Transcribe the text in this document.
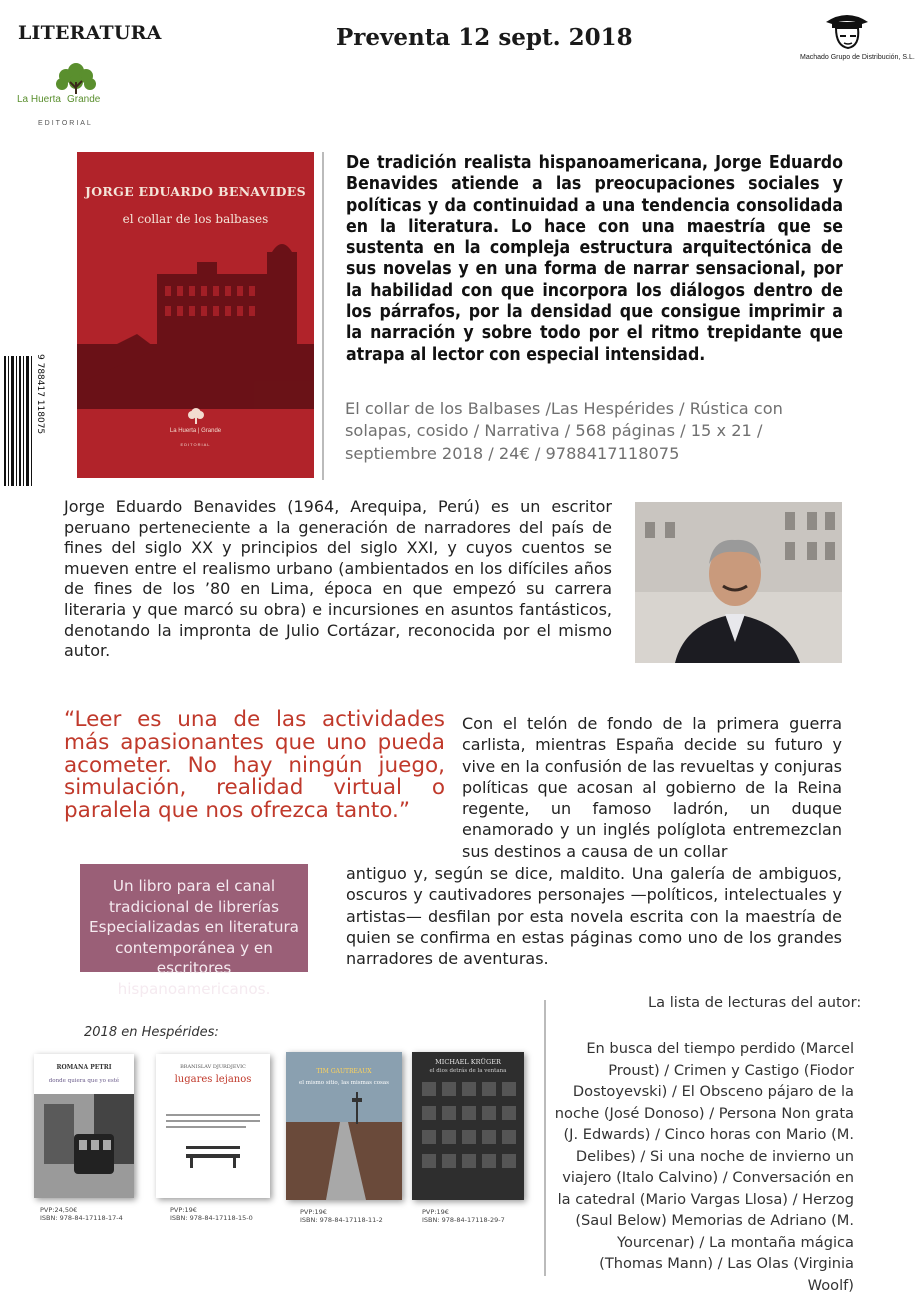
LITERATURA	Preventa 12 sept. 2018
La Huerta Grande
EDITORIAL
Machado Grupo de Distribución, S.L.
JORGE EDUARDO BENAVIDES
el collar de los balbases
La Huerta | Grande
EDITORIAL
9 788417 118075
De tradición realista hispanoamericana, Jorge Eduardo Benavides atiende a las preocupaciones sociales y políticas y da continuidad a una tendencia consolidada en la literatura. Lo hace con una maestría que se sustenta en la compleja estructura arquitectónica de sus novelas y en una forma de narrar sensacional, por la habilidad con que incorpora los diálogos dentro de los párrafos, por la densidad que consigue imprimir a la narración y sobre todo por el ritmo trepidante que atrapa al lector con especial intensidad.
El collar de los Balbases /Las Hespérides / Rústica con solapas, cosido / Narrativa / 568 páginas / 15 x 21 / septiembre 2018 / 24€ / 9788417118075
Jorge Eduardo Benavides (1964, Arequipa, Perú) es un escritor peruano perteneciente a la generación de narradores del país de fines del siglo XX y principios del siglo XXI, y cuyos cuentos se mueven entre el realismo urbano (ambientados en los difíciles años de fines de los ’80 en Lima, época en que empezó su carrera literaria y que marcó su obra) e incursiones en asuntos fantásticos, denotando la impronta de Julio Cortázar, reconocida por el mismo autor.
“Leer es una de las actividades más apasionantes que uno pueda acometer. No hay ningún juego, simulación, realidad virtual o paralela que nos ofrezca tanto.”
Con el telón de fondo de la primera guerra carlista, mientras España decide su futuro y vive en la confusión de las revueltas y conjuras políticas que acosan al gobierno de la Reina regente, un famoso ladrón, un duque enamorado y un inglés políglota entremezclan sus destinos a causa de un collar
antiguo y, según se dice, maldito. Una galería de ambiguos, oscuros y cautivadores personajes —políticos, intelectuales y artistas— desfilan por esta novela escrita con la maestría de quien se confirma en estas páginas como uno de los grandes narradores de aventuras.
Un libro para el canal tradicional de librerías Especializadas en literatura contemporánea y en escritores hispanoamericanos.
La lista de lecturas del autor:
En busca del tiempo perdido (Marcel Proust) / Crimen y Castigo (Fiodor Dostoyevski) / El Obsceno pájaro de la noche (José Donoso) / Persona Non grata (J. Edwards) / Cinco horas con Mario (M. Delibes) / Si una noche de invierno un viajero (Italo Calvino) / Conversación en la catedral (Mario Vargas Llosa) / Herzog (Saul Below) Memorias de Adriano (M. Yourcenar) / La montaña mágica (Thomas Mann) / Las Olas (Virginia Woolf)
2018 en Hespérides:
ROMANA PETRI
donde quiera que yo esté
PVP:24,50€
ISBN: 978-84-17118-17-4
BRANISLAV DJURDJEVIC
lugares lejanos
PVP:19€
ISBN: 978-84-17118-15-0
TIM GAUTREAUX
el mismo sitio, las mismas cosas
PVP:19€
ISBN: 978-84-17118-11-2
MICHAEL KRÜGER
el dios detrás de la ventana
PVP:19€
ISBN: 978-84-17118-29-7
